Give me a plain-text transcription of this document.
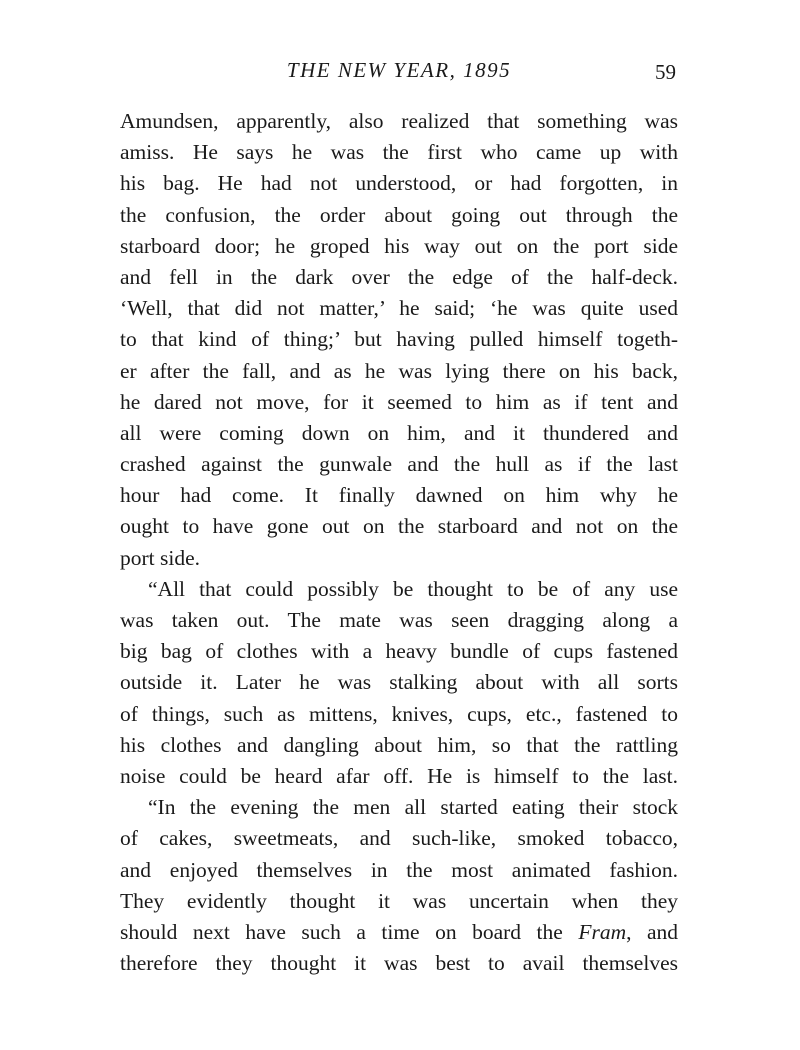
THE NEW YEAR, 1895	59
Amundsen, apparently, also realized that something was
amiss. He says he was the first who came up with
his bag. He had not understood, or had forgotten, in
the confusion, the order about going out through the
starboard door; he groped his way out on the port side
and fell in the dark over the edge of the half-deck.
‘Well, that did not matter,’ he said; ‘he was quite used
to that kind of thing;’ but having pulled himself togeth-
er after the fall, and as he was lying there on his back,
he dared not move, for it seemed to him as if tent and
all were coming down on him, and it thundered and
crashed against the gunwale and the hull as if the last
hour had come. It finally dawned on him why he
ought to have gone out on the starboard and not on the
port side.
“All that could possibly be thought to be of any use
was taken out. The mate was seen dragging along a
big bag of clothes with a heavy bundle of cups fastened
outside it. Later he was stalking about with all sorts
of things, such as mittens, knives, cups, etc., fastened to
his clothes and dangling about him, so that the rattling
noise could be heard afar off. He is himself to the last.
“In the evening the men all started eating their stock
of cakes, sweetmeats, and such-like, smoked tobacco,
and enjoyed themselves in the most animated fashion.
They evidently thought it was uncertain when they
should next have such a time on board the Fram, and
therefore they thought it was best to avail themselves
